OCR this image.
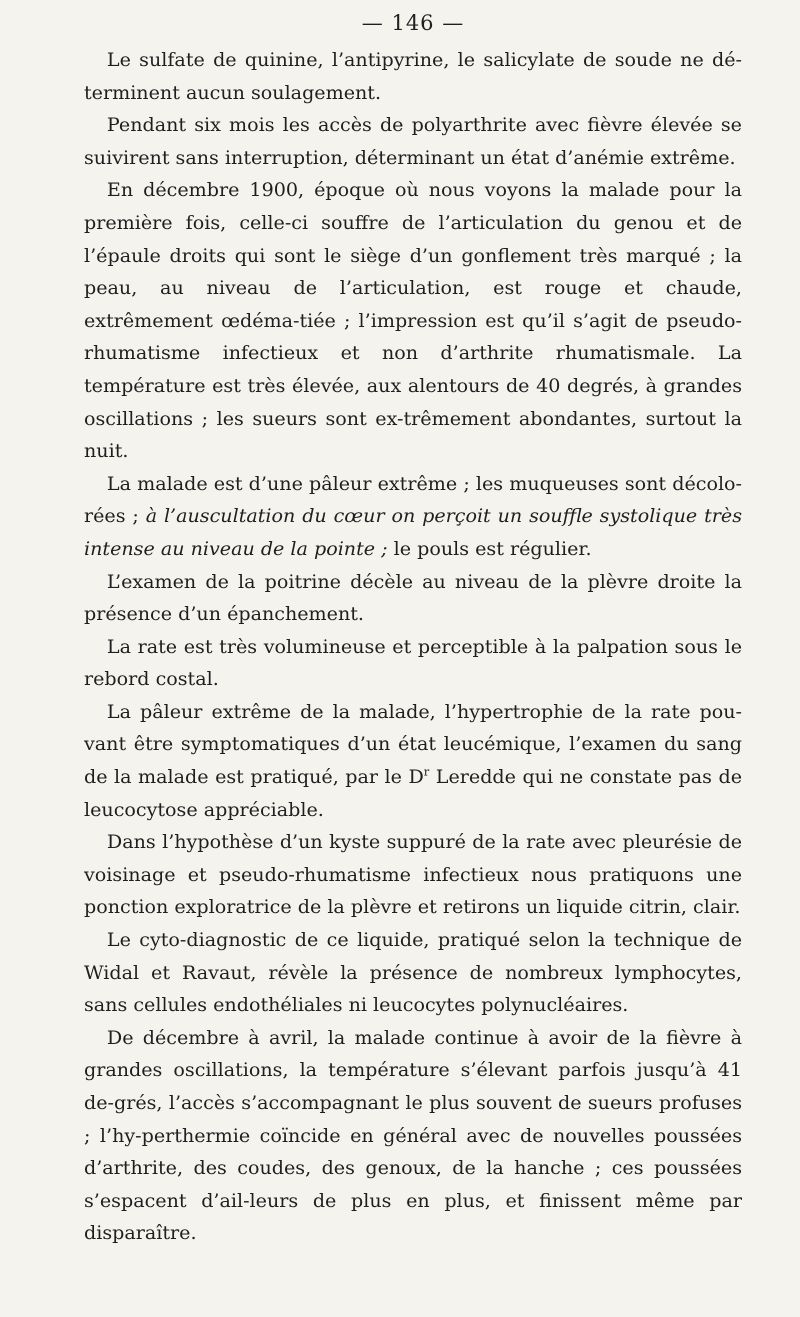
— 146 —

Le sulfate de quinine, l’antipyrine, le salicylate de soude ne dé-terminent aucun soulagement.

Pendant six mois les accès de polyarthrite avec fièvre élevée se suivirent sans interruption, déterminant un état d’anémie extrême.

En décembre 1900, époque où nous voyons la malade pour la première fois, celle-ci souffre de l’articulation du genou et de l’épaule droits qui sont le siège d’un gonflement très marqué ; la peau, au niveau de l’articulation, est rouge et chaude, extrêmement œdéma-tiée ; l’impression est qu’il s’agit de pseudo-rhumatisme infectieux et non d’arthrite rhumatismale. La température est très élevée, aux alentours de 40 degrés, à grandes oscillations ; les sueurs sont ex-trêmement abondantes, surtout la nuit.

La malade est d’une pâleur extrême ; les muqueuses sont décolo-rées ; à l’auscultation du cœur on perçoit un souffle systolique très intense au niveau de la pointe ; le pouls est régulier.

L’examen de la poitrine décèle au niveau de la plèvre droite la présence d’un épanchement.

La rate est très volumineuse et perceptible à la palpation sous le rebord costal.

La pâleur extrême de la malade, l’hypertrophie de la rate pou-vant être symptomatiques d’un état leucémique, l’examen du sang de la malade est pratiqué, par le $D^r$ Leredde qui ne constate pas de leucocytose appréciable.

Dans l’hypothèse d’un kyste suppuré de la rate avec pleurésie de voisinage et pseudo-rhumatisme infectieux nous pratiquons une ponction exploratrice de la plèvre et retirons un liquide citrin, clair.

Le cyto-diagnostic de ce liquide, pratiqué selon la technique de Widal et Ravaut, révèle la présence de nombreux lymphocytes, sans cellules endothéliales ni leucocytes polynucléaires.

De décembre à avril, la malade continue à avoir de la fièvre à grandes oscillations, la température s’élevant parfois jusqu’à 41 de-grés, l’accès s’accompagnant le plus souvent de sueurs profuses ; l’hy-perthermie coïncide en général avec de nouvelles poussées d’arthrite, des coudes, des genoux, de la hanche ; ces poussées s’espacent d’ail-leurs de plus en plus, et finissent même par disparaître.
